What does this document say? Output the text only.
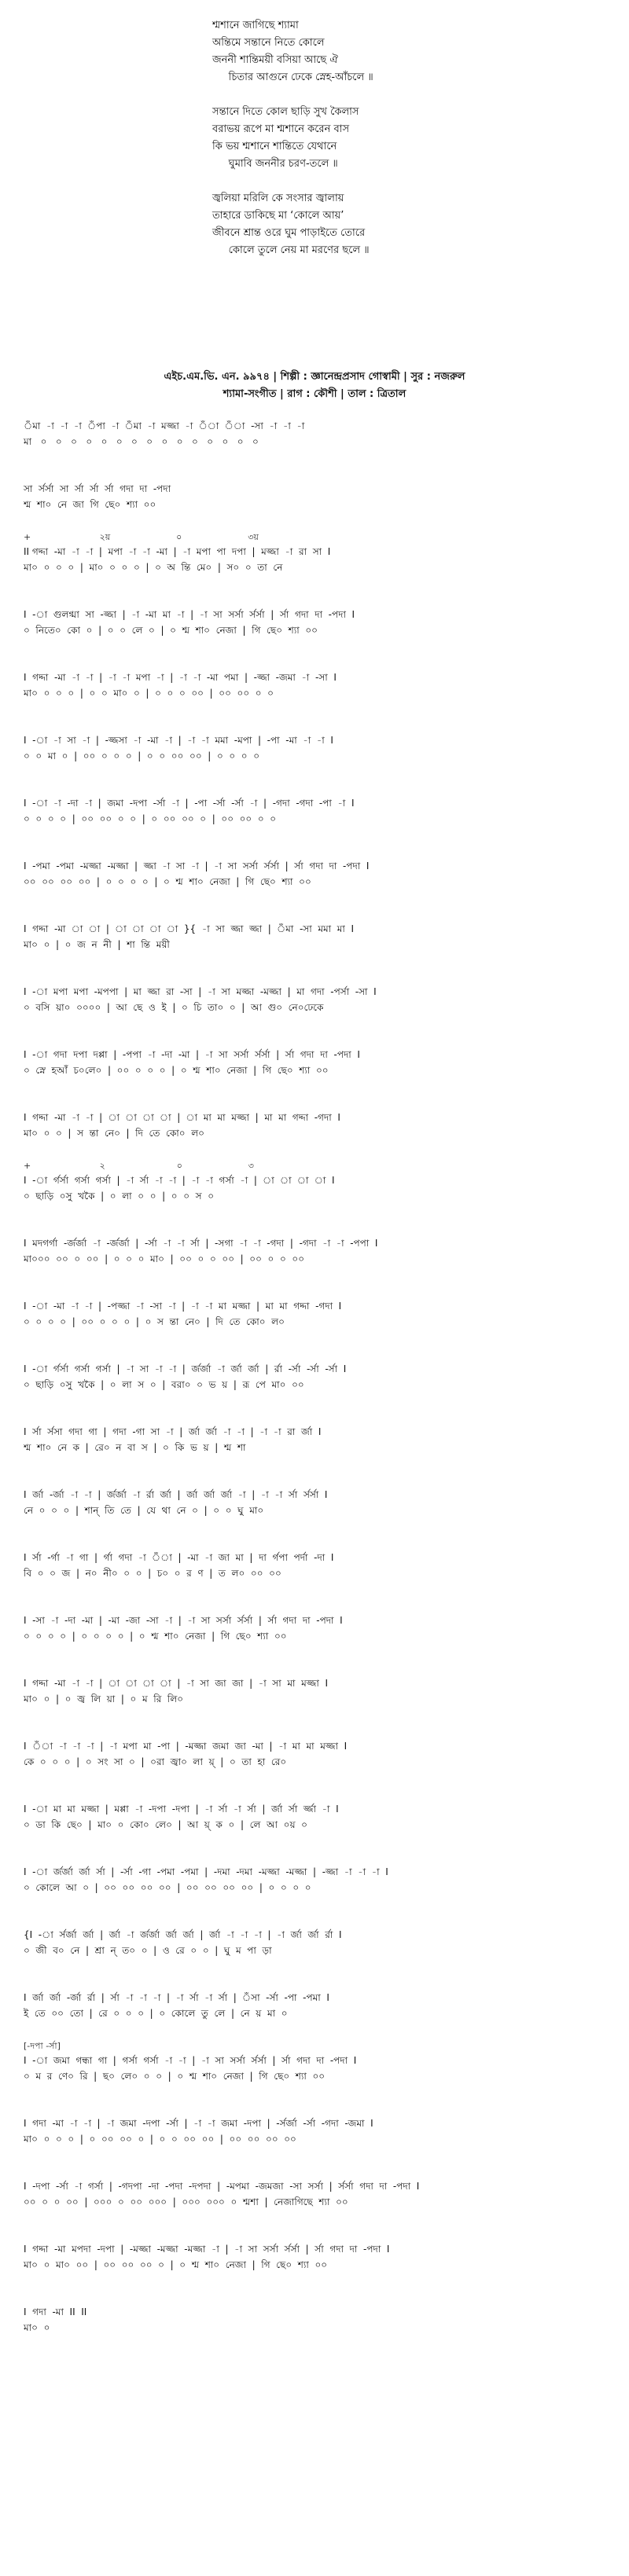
শ্মশানে জাগিছে শ্যামা
অন্তিমে সন্তানে নিতে কোলে
জননী শান্তিময়ী বসিয়া আছে ঐ
চিতার আগুনে ঢেকে স্নেহ-আঁচলে ॥
সন্তানে দিতে কোল ছাড়ি সুখ কৈলাস
বরাভয় রূপে মা শ্মশানে করেন বাস
কি ভয় শ্মশানে শান্তিতে যেথানে
ঘুমাবি জননীর চরণ-তলে ॥
জ্বলিয়া মরিলি কে সংসার জ্বালায়
তাহারে ডাকিছে মা ‘কোলে আয়’
জীবনে শ্রান্ত ওরে ঘুম পাড়াইতে তোরে
কোলে তুলে নেয় মা মরণের ছলে ॥
এইচ.এম.ভি. এন. ৯৯৭৪ | শিল্পী : জ্ঞানেন্দ্রপ্রসাদ গোস্বামী | সুর : নজরুল
শ্যামা-সংগীত | রাগ : কৌশী | তাল : ত্রিতাল
ঁমা  -া  -া  -া  ঁপা  -া  ঁমা  -া  মজ্জা  -া  ঁা  ঁা  -সা  -া  -া  -া
মা   ০   ০   ০   ০   ০   ০   ০   ০   ০   ০   ০   ০   ০   ০   ০
সা  র্সর্সা  সা  র্সা  র্সা  র্সা  গদা  দা  -পদা
শ্ম  শা০  নে  জা  গি  ছে০  শ্যা  ০০
+                         ২য়                        ০                        ৩য়
II গদ্দা  -মা  -া  -া  |  মপা  -া  -া  -মা  |  -া  মপা  পা  দপা  |  মজ্জা  -া  রা  সা  I
মা০  ০  ০  ০  |  মা০  ০  ০  ০  |  ০  অ  ন্তি  মে০  |  স০  ০  তা  নে
I  -া  গুলগ্মা  সা  -জ্জা  |  -া  -মা  মা  -া  |  -া  সা  সর্সা  র্সর্সা  |  র্সা  গদা  দা  -পদা  I
০  নিতে০  কো  ০  |  ০  ০  লে  ০  |  ০  শ্ম  শা০  নেজা  |  গি  ছে০  শ্যা  ০০
I  গদ্দা  -মা  -া  -া  |  -া  -া  মপা  -া  |  -া  -া  -মা  পমা  |  -জ্জা  -জমা  -া  -সা  I
মা০  ০  ০  ০  |  ০  ০  মা০  ০  |  ০  ০  ০  ০০  |  ০০  ০০  ০  ০
I  -া  -া  সা  -া  |  -জ্জসা  -া  -মা  -া  |  -া  -া  মমা  -মপা  |  -পা  -মা  -া  -া  I
০  ০  মা  ০  |  ০০  ০  ০  ০  |  ০  ০  ০০  ০০  |  ০  ০  ০  ০
I  -া  -া  -দা  -া  |  জমা  -দপা  -র্সা  -া  |  -পা  -র্সা  -র্সা  -া  |  -গদা  -গদা  -পা  -া  I
০  ০  ০  ০  |  ০০  ০০  ০  ০  |  ০  ০০  ০০  ০  |  ০০  ০০  ০  ০
I  -পমা  -পমা  -মজ্জা  -মজ্জা  |  জ্জা  -া  সা  -া  |  -া  সা  সর্সা  র্সর্সা  |  র্সা  গদা  দা  -পদা  I
০০  ০০  ০০  ০০  |  ০  ০  ০  ০  |  ০  শ্ম  শা০  নেজা  |  গি  ছে০  শ্যা  ০০
I  গদ্দা  -মা  া  া  |  া  া  া  া  }{  -া  সা  জ্জা  জ্জা  |  ঁমা  -সা  মমা  মা  I
মা০  ০  |  ০  জ  ন  নী  |  শা  ন্তি  ময়ী
I  -া  মপা  মপা  -মপপা  |  মা  জ্জা  রা  -সা  |  -া  সা  মজ্জা  -মজ্জা  |  মা  গদা  -পর্সা  -সা  I
০  বসি  য়া০  ০০০০  |  আ  ছে  ও  ই  |  ০  চি  তা০  ০  |  আ  গু০  নে০ঢেকে
I  -া  গদা  দপা  দপ্পা  |  -পপা  -া  -দা  -মা  |  -া  সা  সর্সা  র্সর্সা  |  র্সা  গদা  দা  -পদা  I
০  স্নে  হআঁ  চ০লে০  |  ০০  ০  ০  ০  |  ০  শ্ম  শা০  নেজা  |  গি  ছে০  শ্যা  ০০
I  গদ্দা  -মা  -া  -া  |  া  া  া  া  |  া  মা  মা  মজ্জা  |  মা  মা  গদ্দা  -গদা  I
মা০  ০  ০  |  স  ন্তা  নে০  |  দি  তে  কো০  ল০
+                         ২                          ০                        ৩
I  -া  র্গর্সা  গর্সা  গর্সা  |  -া  র্সা  -া  -া  |  -া  -া  গর্সা  -া  |  া  া  া  া  I
০  ছাড়ি  ০সু  খকৈ  |  ০  লা  ০  ০  |  ০  ০  স  ০
I  মদগর্গা  -র্জর্জা  -া  -র্জর্জা  |  -র্সা  -া  -া  র্সা  |  -সগা  -া  -া  -গদা  |  -গদা  -া  -া  -পপা  I
মা০০০  ০০  ০  ০০  |  ০  ০  ০  মা০  |  ০০  ০  ০  ০০  |  ০০  ০  ০  ০০
I  -া  -মা  -া  -া  |  -পজ্জা  -া  -সা  -া  |  -া  -া  মা  মজ্জা  |  মা  মা  গদ্দা  -গদা  I
০  ০  ০  ০  |  ০০  ০  ০  ০  |  ০  স  ন্তা  নে০  |  দি  তে  কো০  ল০
I  -া  র্গর্সা  গর্সা  গর্সা  |  -া  সা  -া  -া  |  র্জর্জা  -া  র্জা  র্জা  |  র্রা  -র্সা  -র্সা  -র্সা  I
০  ছাড়ি  ০সু  খকৈ  |  ০  লা  স  ০  |  বরা০  ০  ভ  য়  |  রূ  পে  মা০  ০০
I  র্সা  র্সসা  গদা  গা  |  গদা  -গা  সা  -া  |  র্জা  র্জা  -া  -া  |  -া  -া  রা  র্জা  I
শ্ম  শা০  নে  ক  |  রে০  ন  বা  স  |  ০  কি  ভ  য়  |  শ্ম  শা
I  র্জা  -র্জা  -া  -া  |  র্জর্জা  -া  র্রা  র্জা  |  র্জা  র্জা  র্জা  -া  |  -া  -া  র্সা  র্সর্সা  I
নে  ০  ০  ০  |  শান্  তি  তে  |  যে  থা  নে  ০  |  ০  ০  ঘু  মা০
I  র্সা  -র্গা  -া  গা  |  র্গা  গদা  -া  ঁা  |  -মা  -া  জা  মা  |  দা  র্গপা  পর্দা  -দা  I
বি  ০  ০  জ  |  ন০  নী০  ০  ০  |  চ০  ০  র  ণ  |  ত  ল০  ০০  ০০
I  -সা  -া  -দা  -মা  |  -মা  -জা  -সা  -া  |  -া  সা  সর্সা  র্সর্সা  |  র্সা  গদা  দা  -পদা  I
০  ০  ০  ০  |  ০  ০  ০  ০  |  ০  শ্ম  শা০  নেজা  |  গি  ছে০  শ্যা  ০০
I  গদ্দা  -মা  -া  -া  |  া  া  া  া  |  -া  সা  জা  জা  |  -া  সা  মা  মজ্জা  I
মা০  ০  |  ০  জ্ব  লি  য়া  |  ০  ম  রি  লি০
I  ঁা  -া  -া  -া  |  -া  মপা  মা  -পা  |  -মজ্জা  জমা  জা  -মা  |  -া  মা  মা  মজ্জা  I
কে  ০  ০  ০  |  ০  সং  সা  ০  |  ০রা  জ্বা০  লা  য়্  |  ০  তা  হা  রে০
I  -া  মা  মা  মজ্জা  |  মপ্পা  -া  -দপা  -দপা  |  -া  র্সা  -া  র্সা  |  র্জা  র্সা  র্জ্জা  -া  I
০  ডা  কি  ছে০  |  মা০  ০  কো০  লে০  |  আ  য়্  ক  ০  |  লে  আ  ০য়  ০
I  -া  র্জর্জা  র্জা  র্সা  |  -র্সা  -গা  -পমা  -পমা  |  -দমা  -দমা  -মজ্জা  -মজ্জা  |  -জ্জা  -া  -া  -া  I
০  কোলে  আ  ০  |  ০০  ০০  ০০  ০০  |  ০০  ০০  ০০  ০০  |  ০  ০  ০  ০
{I  -া  র্সর্জা  র্জা  |  র্জা  -া  র্জর্জা  র্জা  র্জা  |  র্জা  -া  -া  -া  |  -া  র্জা  র্জা  র্রা  I
০  জী  ব০  নে  |  শ্রা  ন্  ত০  ০  |  ও  রে  ০  ০  |  ঘু  ম  পা  ড়া
I  র্জা  র্জা  -র্জা  র্রা  |  র্সা  -া  -া  -া  |  -া  র্সা  -া  র্সা  |  ঁসা  -র্সা  -পা  -পমা  I
ই  তে  ০০  তো  |  রে  ০  ০  ০  |  ০  কোলে  তু  লে  |  নে  য়  মা  ০
[-দপা -র্সা]
I  -া  জমা  গন্ধা  গা  |  গর্সা  গর্সা  -া  -া  |  -া  সা  সর্সা  র্সর্সা  |  র্সা  গদা  দা  -পদা  I
০  ম  র  ণে০  রি  |  ছ০  লে০  ০  ০  |  ০  শ্ম  শা০  নেজা  |  গি  ছে০  শ্যা  ০০
I  গদা  -মা  -া  -া  |  -া  জমা  -দপা  -র্সা  |  -া  -া  জমা  -দপা  |  -র্সর্জা  -র্সা  -গদা  -জমা  I
মা০  ০  ০  ০  |  ০  ০০  ০০  ০  |  ০  ০  ০০  ০০  |  ০০  ০০  ০০  ০০
I  -দপা  -র্সা  -া  গর্সা  |  -গদপা  -দা  -পদা  -দপদা  |  -মপমা  -জমজা  -সা  সর্সা  |  র্সর্সা  গদা  দা  -পদা  I
০০  ০  ০  ০০  |  ০০০  ০  ০০  ০০০  |  ০০০  ০০০  ০  শ্মশা  |  নেজাগিছে  শ্যা  ০০
I  গদ্দা  -মা  মপদা  -দপা  |  -মজ্জা  -মজ্জা  -মজ্জা  -া  |  -া  সা  সর্সা  র্সর্সা  |  র্সা  গদা  দা  -পদা  I
মা০  ০  মা০  ০০  |  ০০  ০০  ০০  ০  |  ০  শ্ম  শা০  নেজা  |  গি  ছে০  শ্যা  ০০
I  গদা  -মা  II  II
মা০  ০
